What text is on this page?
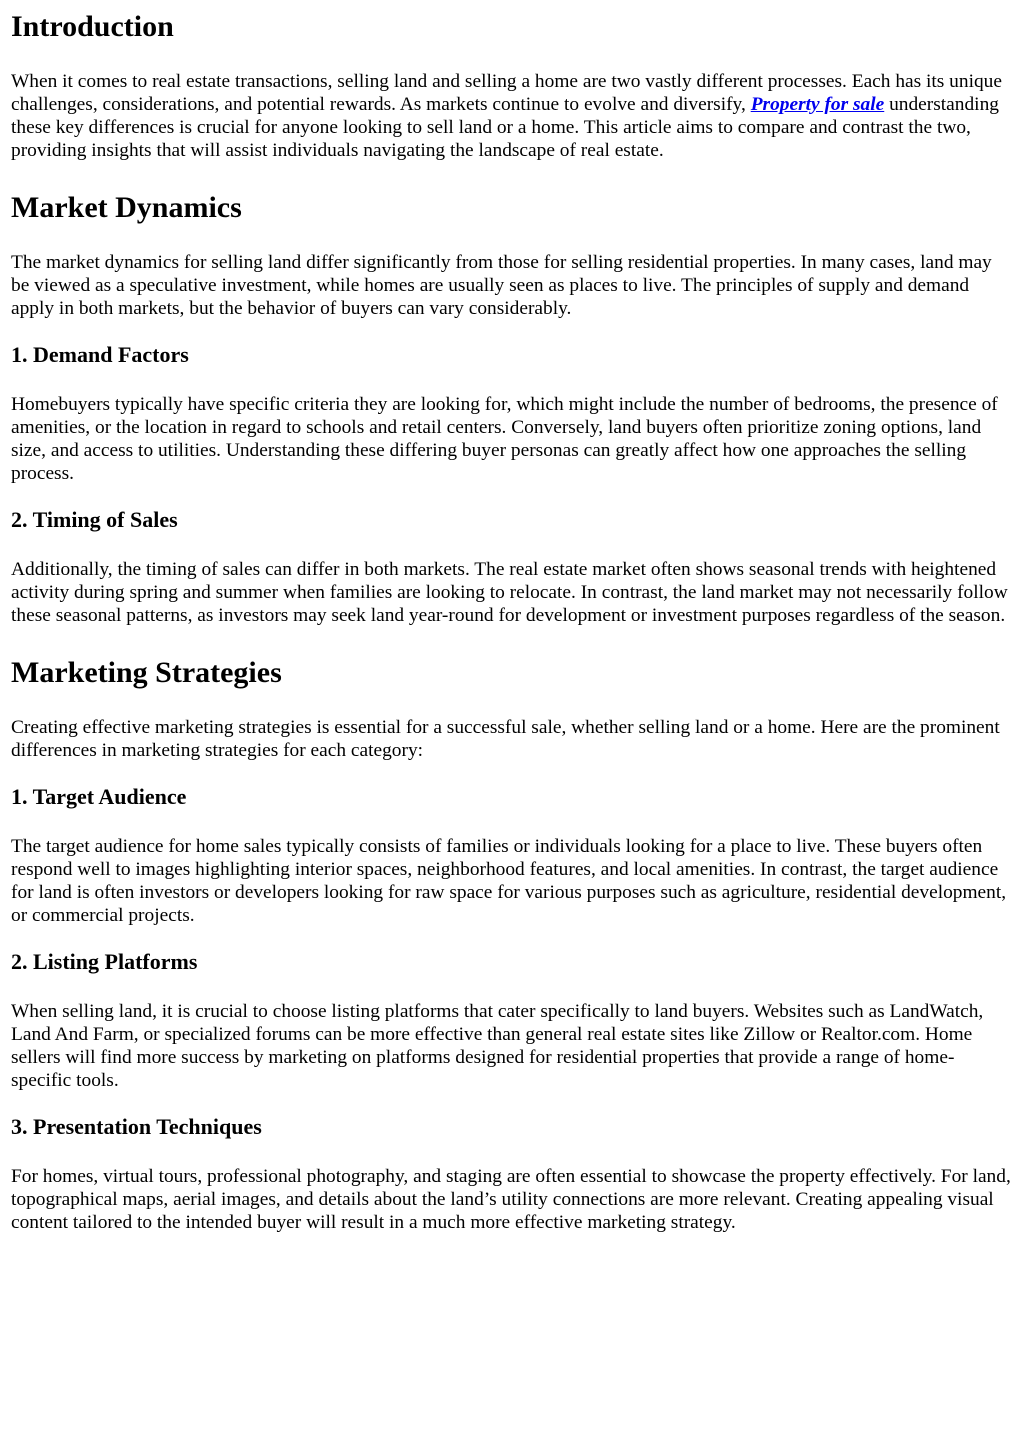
Introduction

When it comes to real estate transactions, selling land and selling a home are two vastly different processes. Each has its unique challenges, considerations, and potential rewards. As markets continue to evolve and diversify, Property for sale understanding these key differences is crucial for anyone looking to sell land or a home. This article aims to compare and contrast the two, providing insights that will assist individuals navigating the landscape of real estate.

Market Dynamics

The market dynamics for selling land differ significantly from those for selling residential properties. In many cases, land may be viewed as a speculative investment, while homes are usually seen as places to live. The principles of supply and demand apply in both markets, but the behavior of buyers can vary considerably.

1. Demand Factors

Homebuyers typically have specific criteria they are looking for, which might include the number of bedrooms, the presence of amenities, or the location in regard to schools and retail centers. Conversely, land buyers often prioritize zoning options, land size, and access to utilities. Understanding these differing buyer personas can greatly affect how one approaches the selling process.

2. Timing of Sales

Additionally, the timing of sales can differ in both markets. The real estate market often shows seasonal trends with heightened activity during spring and summer when families are looking to relocate. In contrast, the land market may not necessarily follow these seasonal patterns, as investors may seek land year-round for development or investment purposes regardless of the season.

Marketing Strategies

Creating effective marketing strategies is essential for a successful sale, whether selling land or a home. Here are the prominent differences in marketing strategies for each category:

1. Target Audience

The target audience for home sales typically consists of families or individuals looking for a place to live. These buyers often respond well to images highlighting interior spaces, neighborhood features, and local amenities. In contrast, the target audience for land is often investors or developers looking for raw space for various purposes such as agriculture, residential development, or commercial projects.

2. Listing Platforms

When selling land, it is crucial to choose listing platforms that cater specifically to land buyers. Websites such as LandWatch, Land And Farm, or specialized forums can be more effective than general real estate sites like Zillow or Realtor.com. Home sellers will find more success by marketing on platforms designed for residential properties that provide a range of home-specific tools.

3. Presentation Techniques

For homes, virtual tours, professional photography, and staging are often essential to showcase the property effectively. For land, topographical maps, aerial images, and details about the land’s utility connections are more relevant. Creating appealing visual content tailored to the intended buyer will result in a much more effective marketing strategy.
